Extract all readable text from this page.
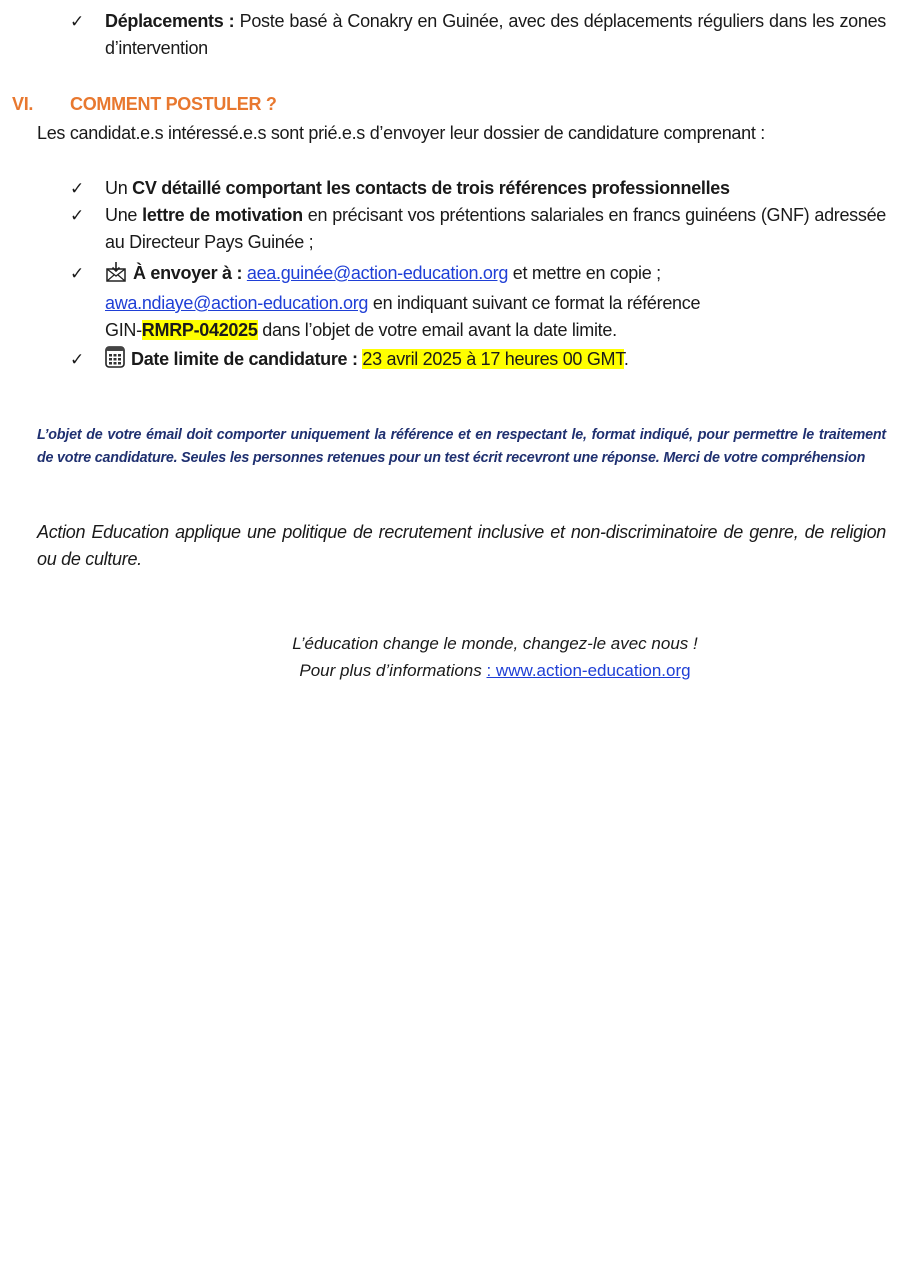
✓	Déplacements : Poste basé à Conakry en Guinée, avec des déplacements réguliers dans les zones d’intervention
VI. COMMENT POSTULER ?
Les candidat.e.s intéressé.e.s sont prié.e.s d’envoyer leur dossier de candidature comprenant :
✓	Un CV détaillé comportant les contacts de trois références professionnelles
✓	Une lettre de motivation en précisant vos prétentions salariales en francs guinéens (GNF) adressée au Directeur Pays Guinée ;
✓	À envoyer à : aea.guinée@action-education.org et mettre en copie ;
awa.ndiaye@action-education.org en indiquant suivant ce format la référence
GIN-RMRP-042025 dans l’objet de votre email avant la date limite.
✓	Date limite de candidature : 23 avril 2025 à 17 heures 00 GMT.
L’objet de votre émail doit comporter uniquement la référence et en respectant le, format indiqué, pour permettre le traitement de votre candidature. Seules les personnes retenues pour un test écrit recevront une réponse. Merci de votre compréhension
Action Education applique une politique de recrutement inclusive et non-discriminatoire de genre, de religion ou de culture.
L’éducation change le monde, changez-le avec nous !
Pour plus d’informations : www.action-education.org
